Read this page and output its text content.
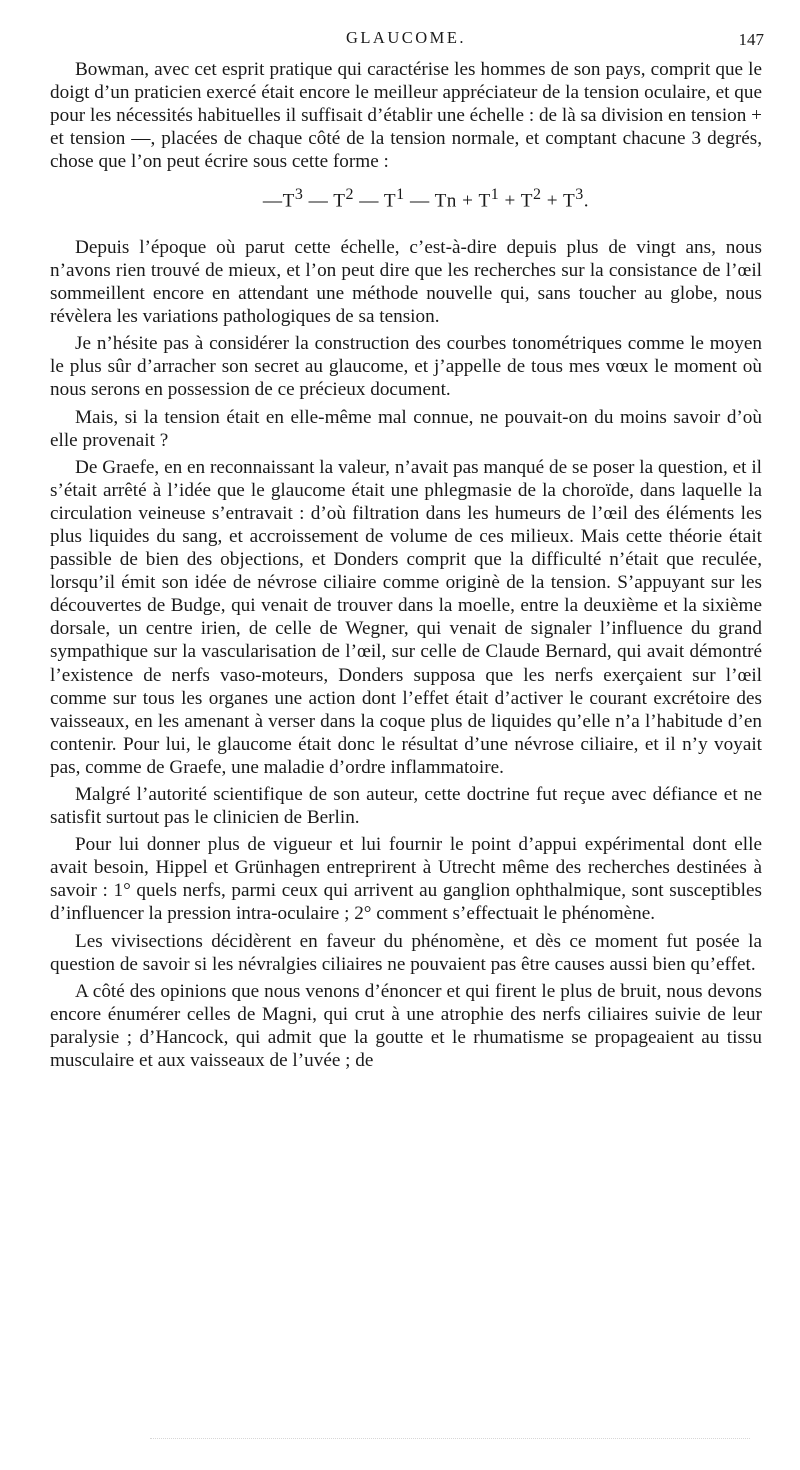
GLAUCOME.	147

Bowman, avec cet esprit pratique qui caractérise les hommes de son pays, comprit que le doigt d’un praticien exercé était encore le meilleur appréciateur de la tension oculaire, et que pour les nécessités habituelles il suffisait d’établir une échelle : de là sa division en tension + et tension —, placées de chaque côté de la tension normale, et comptant chacune 3 degrés, chose que l’on peut écrire sous cette forme :

$—T^3$ — $T^2$ — $T^1$ — $Tn + T^1 + T^2 + T^3$.

Depuis l’époque où parut cette échelle, c’est-à-dire depuis plus de vingt ans, nous n’avons rien trouvé de mieux, et l’on peut dire que les recherches sur la consistance de l’œil sommeillent encore en attendant une méthode nouvelle qui, sans toucher au globe, nous révèlera les variations pathologiques de sa tension.

Je n’hésite pas à considérer la construction des courbes tonométriques comme le moyen le plus sûr d’arracher son secret au glaucome, et j’appelle de tous mes vœux le moment où nous serons en possession de ce précieux document.

Mais, si la tension était en elle-même mal connue, ne pouvait-on du moins savoir d’où elle provenait ?

De Graefe, en en reconnaissant la valeur, n’avait pas manqué de se poser la question, et il s’était arrêté à l’idée que le glaucome était une phlegmasie de la choroïde, dans laquelle la circulation veineuse s’entravait : d’où filtration dans les humeurs de l’œil des éléments les plus liquides du sang, et accroissement de volume de ces milieux. Mais cette théorie était passible de bien des objections, et Donders comprit que la difficulté n’était que reculée, lorsqu’il émit son idée de névrose ciliaire comme originè de la tension. S’appuyant sur les découvertes de Budge, qui venait de trouver dans la moelle, entre la deuxième et la sixième dorsale, un centre irien, de celle de Wegner, qui venait de signaler l’influence du grand sympathique sur la vascularisation de l’œil, sur celle de Claude Bernard, qui avait démontré l’existence de nerfs vaso-moteurs, Donders supposa que les nerfs exerçaient sur l’œil comme sur tous les organes une action dont l’effet était d’activer le courant excrétoire des vaisseaux, en les amenant à verser dans la coque plus de liquides qu’elle n’a l’habitude d’en contenir. Pour lui, le glaucome était donc le résultat d’une névrose ciliaire, et il n’y voyait pas, comme de Graefe, une maladie d’ordre inflammatoire.

Malgré l’autorité scientifique de son auteur, cette doctrine fut reçue avec défiance et ne satisfit surtout pas le clinicien de Berlin.

Pour lui donner plus de vigueur et lui fournir le point d’appui expérimental dont elle avait besoin, Hippel et Grünhagen entreprirent à Utrecht même des recherches destinées à savoir : 1° quels nerfs, parmi ceux qui arrivent au ganglion ophthalmique, sont susceptibles d’influencer la pression intra-oculaire ; 2° comment s’effectuait le phénomène.

Les vivisections décidèrent en faveur du phénomène, et dès ce moment fut posée la question de savoir si les névralgies ciliaires ne pouvaient pas être causes aussi bien qu’effet.

A côté des opinions que nous venons d’énoncer et qui firent le plus de bruit, nous devons encore énumérer celles de Magni, qui crut à une atrophie des nerfs ciliaires suivie de leur paralysie ; d’Hancock, qui admit que la goutte et le rhumatisme se propageaient au tissu musculaire et aux vaisseaux de l’uvée ; de
